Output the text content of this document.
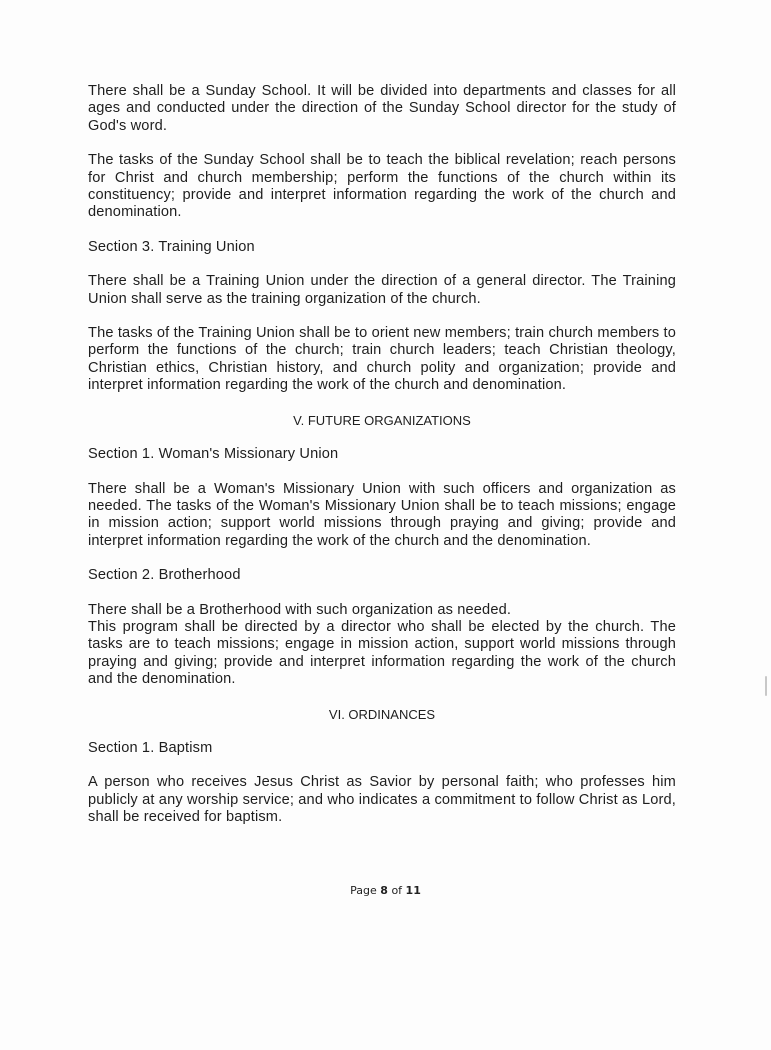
There shall be a Sunday School. It will be divided into departments and classes for all ages and conducted under the direction of the Sunday School director for the study of God's word.

The tasks of the Sunday School shall be to teach the biblical revelation; reach persons for Christ and church membership; perform the functions of the church within its constituency; provide and interpret information regarding the work of the church and denomination.

Section 3. Training Union

There shall be a Training Union under the direction of a general director. The Training Union shall serve as the training organization of the church.

The tasks of the Training Union shall be to orient new members; train church members to perform the functions of the church; train church leaders; teach Christian theology, Christian ethics, Christian history, and church polity and organization; provide and interpret information regarding the work of the church and denomination.

V. FUTURE ORGANIZATIONS

Section 1. Woman's Missionary Union

There shall be a Woman's Missionary Union with such officers and organization as needed. The tasks of the Woman's Missionary Union shall be to teach missions; engage in mission action; support world missions through praying and giving; provide and interpret information regarding the work of the church and the denomination.

Section 2. Brotherhood

There shall be a Brotherhood with such organization as needed.

This program shall be directed by a director who shall be elected by the church. The tasks are to teach missions; engage in mission action, support world missions through praying and giving; provide and interpret information regarding the work of the church and the denomination.

VI. ORDINANCES

Section 1. Baptism

A person who receives Jesus Christ as Savior by personal faith; who professes him publicly at any worship service; and who indicates a commitment to follow Christ as Lord, shall be received for baptism.

Page 8 of 11
